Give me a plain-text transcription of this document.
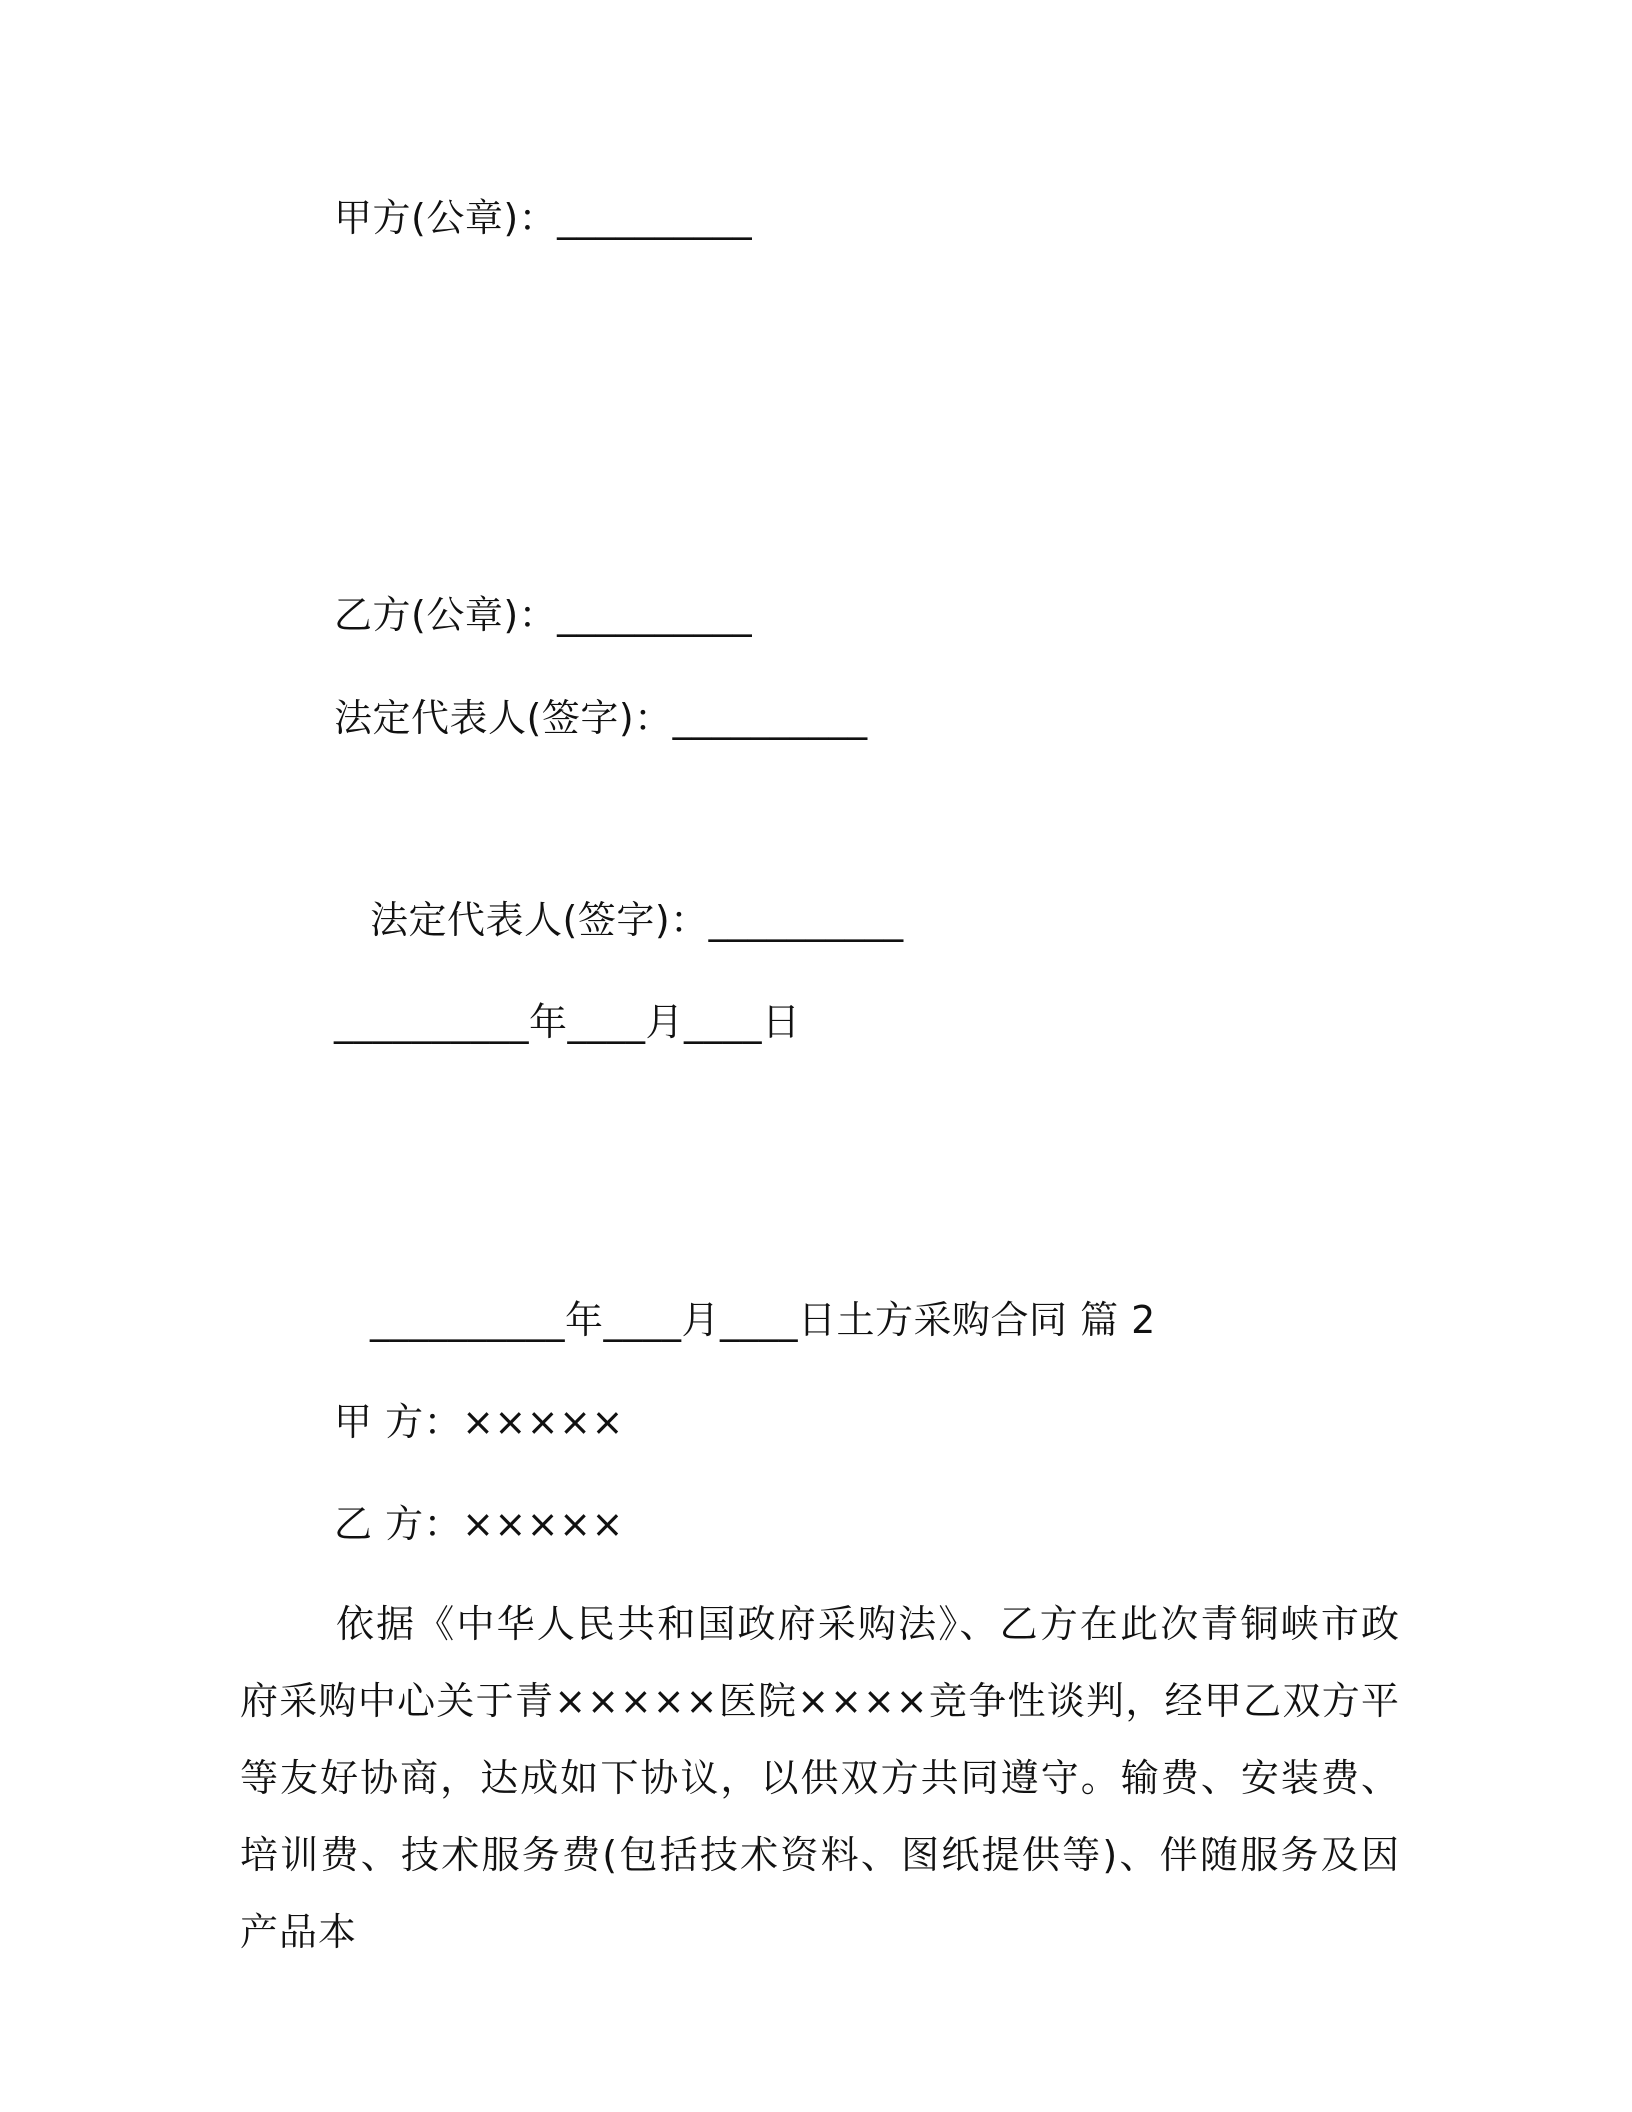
甲方(公章)：__________
乙方(公章)：__________
法定代表人(签字)：__________
法定代表人(签字)：__________
__________年____月____日
__________年____月____日土方采购合同 篇 2
甲 方：×××××
乙 方：×××××

依据《中华人民共和国政府采购法》、乙方在此次青铜峡市政府采购中心关于青×××××医院××××竞争性谈判，经甲乙双方平等友好协商，达成如下协议，以供双方共同遵守。输费、安装费、培训费、技术服务费(包括技术资料、图纸提供等)、伴随服务及因产品本
